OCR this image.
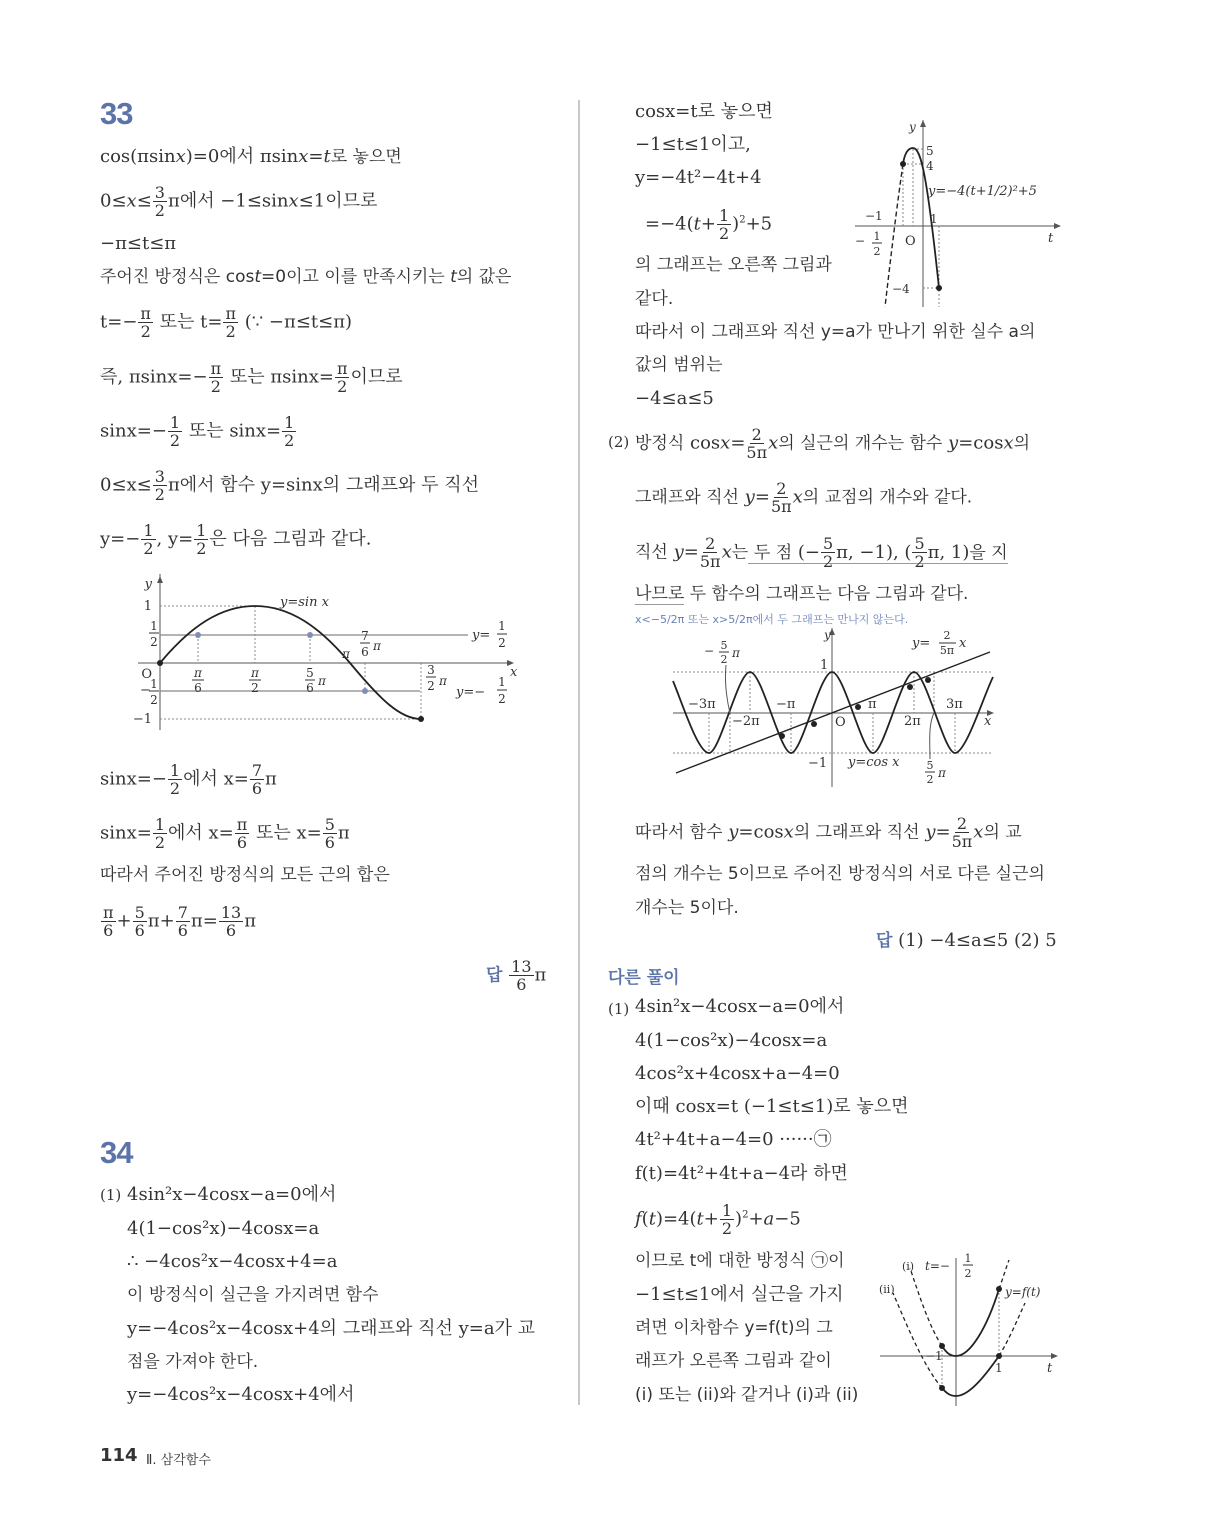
33
cos(πsinx)=0에서 πsinx=t로 놓으면
$0\le x\le \frac{3}{2}$ π에서 −1≤sinx≤1이므로
−π≤t≤π
주어진 방정식은 cost=0이고 이를 만족시키는 t의 값은
$t=- \frac{\pi}{2}$ 또는 $t= \frac{\pi}{2}$ (∵ −π≤t≤π)
즉, $\pi\sin x=- \frac{\pi}{2}$ 또는 $\pi\sin x= \frac{\pi}{2}$ 이므로
$\sin x=- \frac{1}{2}$ 또는 $\sin x= \frac{1}{2}$
$0\le x\le \frac{3}{2}$ π에서 함수 y=sinx의 그래프와 두 직선
$y=- \frac{1}{2}$ , $y= \frac{1}{2}$ 은 다음 그림과 같다.
y
1
1
2
O
− 1
2
−1
y=sin x
π
6
π
2
5
6 π
π
7
6 π
3
2 π
x
y=
1
2
y=−
1
2
$\sin x=- \frac{1}{2}$ 에서 $x= \frac{7}{6}$ π
$\sin x= \frac{1}{2}$ 에서 $x= \frac{\pi}{6}$ 또는 $x= \frac{5}{6}$ π
따라서 주어진 방정식의 모든 근의 합은
$\frac{\pi}{6} + \frac{5}{6} \pi+ \frac{7}{6} \pi= \frac{13}{6}$ π
답 $\frac{13}{6}$ π
34
(1) 4sin²x−4cosx−a=0에서
4(1−cos²x)−4cosx=a
∴ −4cos²x−4cosx+4=a
이 방정식이 실근을 가지려면 함수
y=−4cos²x−4cosx+4의 그래프와 직선 y=a가 교
점을 가져야 한다.
y=−4cos²x−4cosx+4에서
cosx=t로 놓으면
−1≤t≤1이고,
y=−4t²−4t+4
$=-4(t+ \frac{1}{2} )^2+5$
의 그래프는 오른쪽 그림과
같다.
따라서 이 그래프와 직선 y=a가 만나기 위한 실수 a의
값의 범위는
−4≤a≤5
y
5
4
y=−4(t+1/2)²+5
−1	1
O
− 1
2
−4
t
(2) 방정식 $\cos x= \frac{2}{5\pi}$ x의 실근의 개수는 함수 y=cosx의
그래프와 직선 $y= \frac{2}{5\pi}$ x의 교점의 개수와 같다.
직선 $y= \frac{2}{5\pi}$ x는 두 점 (− $\frac{5}{2} \pi$, −1), ( $\frac{5}{2} \pi$, 1)을 지
나므로 두 함수의 그래프는 다음 그림과 같다.
x<−5/2π 또는 x>5/2π에서 두 그래프는 만나지 않는다.
y
1
−1
−3π
−2π
−π
O
π
2π
3π
x
y=cos x
y=
2
5π x
− 5
2 π
5
2 π
따라서 함수 y=cosx의 그래프와 직선 $y= \frac{2}{5\pi}$ x의 교
점의 개수는 5이므로 주어진 방정식의 서로 다른 실근의
개수는 5이다.
답 (1) −4≤a≤5 (2) 5
다른 풀이
(1) 4sin²x−4cosx−a=0에서
4(1−cos²x)−4cosx=a
4cos²x+4cosx+a−4=0
이때 cosx=t (−1≤t≤1)로 놓으면
4t²+4t+a−4=0 ······㉠
f(t)=4t²+4t+a−4라 하면
$f(t)=4(t+ \frac{1}{2} )^2+a-5$
이므로 t에 대한 방정식 ㉠이
−1≤t≤1에서 실근을 가지
려면 이차함수 y=f(t)의 그
래프가 오른쪽 그림과 같이
(i) 또는 (ii)와 같거나 (i)과 (ii)
(i)
(ii)
t=−
1
2
y=f(t)
−1
1	t
114 Ⅱ. 삼각함수
